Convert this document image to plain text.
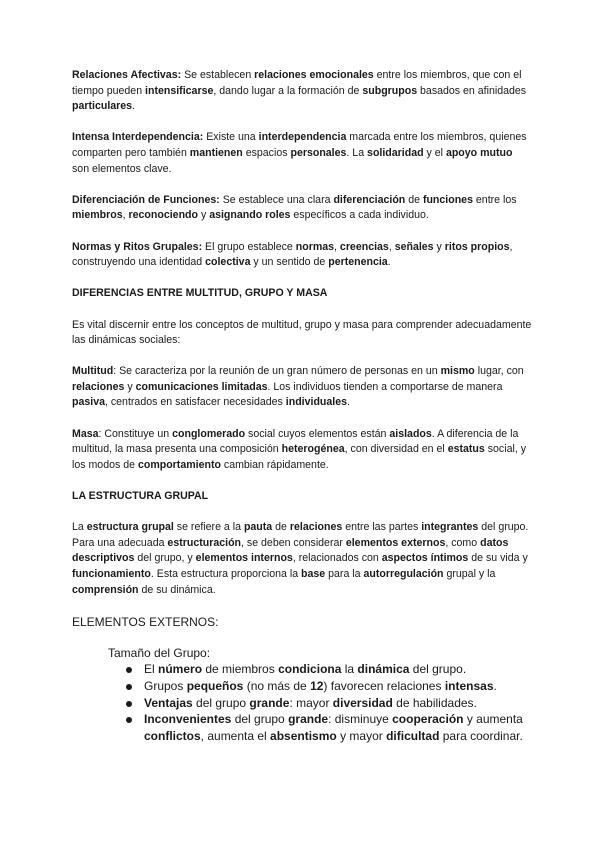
Relaciones Afectivas: Se establecen relaciones emocionales entre los miembros, que con el tiempo pueden intensificarse, dando lugar a la formación de subgrupos basados en afinidades particulares.

Intensa Interdependencia: Existe una interdependencia marcada entre los miembros, quienes comparten pero también mantienen espacios personales. La solidaridad y el apoyo mutuo son elementos clave.

Diferenciación de Funciones: Se establece una clara diferenciación de funciones entre los miembros, reconociendo y asignando roles específicos a cada individuo.

Normas y Ritos Grupales: El grupo establece normas, creencias, señales y ritos propios, construyendo una identidad colectiva y un sentido de pertenencia.

DIFERENCIAS ENTRE MULTITUD, GRUPO Y MASA

Es vital discernir entre los conceptos de multitud, grupo y masa para comprender adecuadamente las dinámicas sociales:

Multitud: Se caracteriza por la reunión de un gran número de personas en un mismo lugar, con relaciones y comunicaciones limitadas. Los individuos tienden a comportarse de manera pasiva, centrados en satisfacer necesidades individuales.

Masa: Constituye un conglomerado social cuyos elementos están aislados. A diferencia de la multitud, la masa presenta una composición heterogénea, con diversidad en el estatus social, y los modos de comportamiento cambian rápidamente.

LA ESTRUCTURA GRUPAL

La estructura grupal se refiere a la pauta de relaciones entre las partes integrantes del grupo. Para una adecuada estructuración, se deben considerar elementos externos, como datos descriptivos del grupo, y elementos internos, relacionados con aspectos íntimos de su vida y funcionamiento. Esta estructura proporciona la base para la autorregulación grupal y la comprensión de su dinámica.

ELEMENTOS EXTERNOS:

Tamaño del Grupo:

El número de miembros condiciona la dinámica del grupo.
Grupos pequeños (no más de 12) favorecen relaciones intensas.
Ventajas del grupo grande: mayor diversidad de habilidades.
Inconvenientes del grupo grande: disminuye cooperación y aumenta conflictos, aumenta el absentismo y mayor dificultad para coordinar.
